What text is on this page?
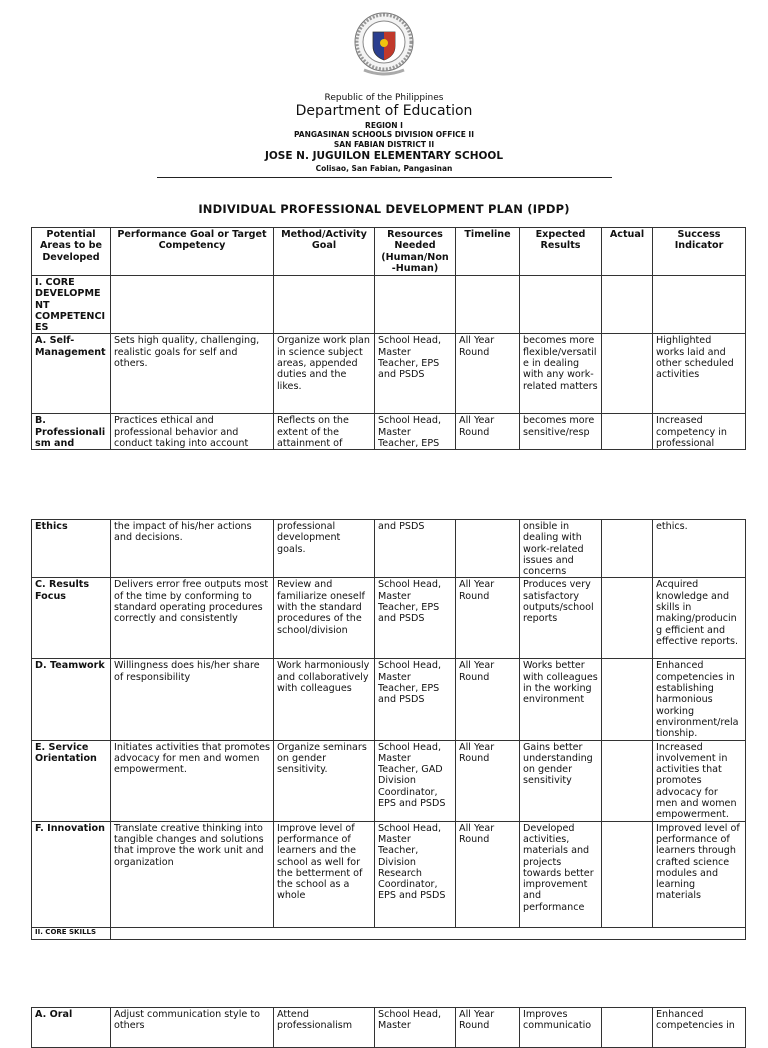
Republic of the Philippines
Department of Education
REGION I
PANGASINAN SCHOOLS DIVISION OFFICE II
SAN FABIAN DISTRICT II
JOSE N. JUGUILON ELEMENTARY SCHOOL
Colisao, San Fabian, Pangasinan
INDIVIDUAL PROFESSIONAL DEVELOPMENT PLAN (IPDP)
Potential Areas to be Developed	Performance Goal or Target Competency	Method/Activity Goal	Resources Needed (Human/Non -Human)	Timeline	Expected Results	Actual	Success Indicator
I. CORE DEVELOPMENT COMPETENCIES							
A. Self-Management	Sets high quality, challenging, realistic goals for self and others.	Organize work plan in science subject areas, appended duties and the likes.	School Head, Master Teacher, EPS and PSDS	All Year Round	becomes more flexible/versatile in dealing with any work-related matters		Highlighted works laid and other scheduled activities

B. Professionalism and	Practices ethical and professional behavior and conduct taking into account	Reflects on the extent of the attainment of	School Head, Master Teacher, EPS	All Year Round	becomes more sensitive/resp		Increased competency in professional
Ethics	the impact of his/her actions and decisions.	professional development goals.	and PSDS		onsible in dealing with work-related issues and concerns		ethics.
C. Results Focus	Delivers error free outputs most of the time by conforming to standard operating procedures correctly and consistently	Review and familiarize oneself with the standard procedures of the school/division	School Head, Master Teacher, EPS and PSDS	All Year Round	Produces very satisfactory outputs/school reports		Acquired knowledge and skills in making/producing efficient and effective reports.
D. Teamwork	Willingness does his/her share of responsibility	Work harmoniously and collaboratively with colleagues	School Head, Master Teacher, EPS and PSDS	All Year Round	Works better with colleagues in the working environment		Enhanced competencies in establishing harmonious working environment/relationship.
E. Service Orientation	Initiates activities that promotes advocacy for men and women empowerment.	Organize seminars on gender sensitivity.	School Head, Master Teacher, GAD Division Coordinator, EPS and PSDS	All Year Round	Gains better understanding on gender sensitivity		Increased involvement in activities that promotes advocacy for men and women empowerment.
F. Innovation	Translate creative thinking into tangible changes and solutions that improve the work unit and organization	Improve level of performance of learners and the school as well for the betterment of the school as a whole	School Head, Master Teacher, Division Research Coordinator, EPS and PSDS	All Year Round	Developed activities, materials and projects towards better improvement and performance		Improved level of performance of learners through crafted science modules and learning materials
II. CORE SKILLS							
A. Oral	Adjust communication style to others	Attend professionalism	School Head, Master	All Year Round	Improves communicatio		Enhanced competencies in
